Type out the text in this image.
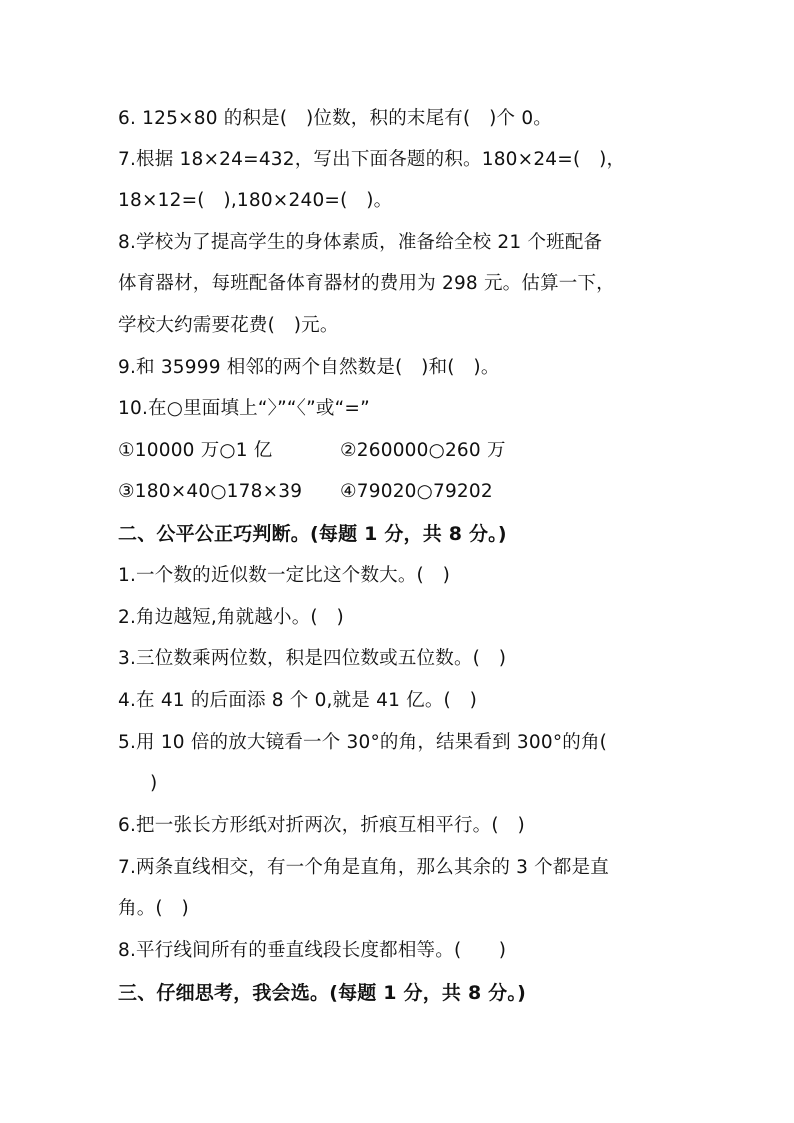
6. 125×80 的积是(　)位数，积的末尾有(　)个 0。
7.根据 18×24=432，写出下面各题的积。180×24=(　)，
18×12=(　),180×240=(　)。
8.学校为了提高学生的身体素质，准备给全校 21 个班配备
体育器材，每班配备体育器材的费用为 298 元。估算一下，
学校大约需要花费(　)元。
9.和 35999 相邻的两个自然数是(　)和(　)。
10.在○里面填上“〉”“〈”或“=”
①10000 万○1 亿	②260000○260 万
③180×40○178×39 ④79020○79202
二、公平公正巧判断。(每题 1 分，共 8 分。)
1.一个数的近似数一定比这个数大。(　)
2.角边越短,角就越小。(　)
3.三位数乘两位数，积是四位数或五位数。(　)
4.在 41 的后面添 8 个 0,就是 41 亿。(　)
5.用 10 倍的放大镜看一个 30°的角，结果看到 300°的角(
)
6.把一张长方形纸对折两次，折痕互相平行。(　)
7.两条直线相交，有一个角是直角，那么其余的 3 个都是直
角。(　)
8.平行线间所有的垂直线段长度都相等。(　　)
三、仔细思考，我会选。(每题 1 分，共 8 分。)
